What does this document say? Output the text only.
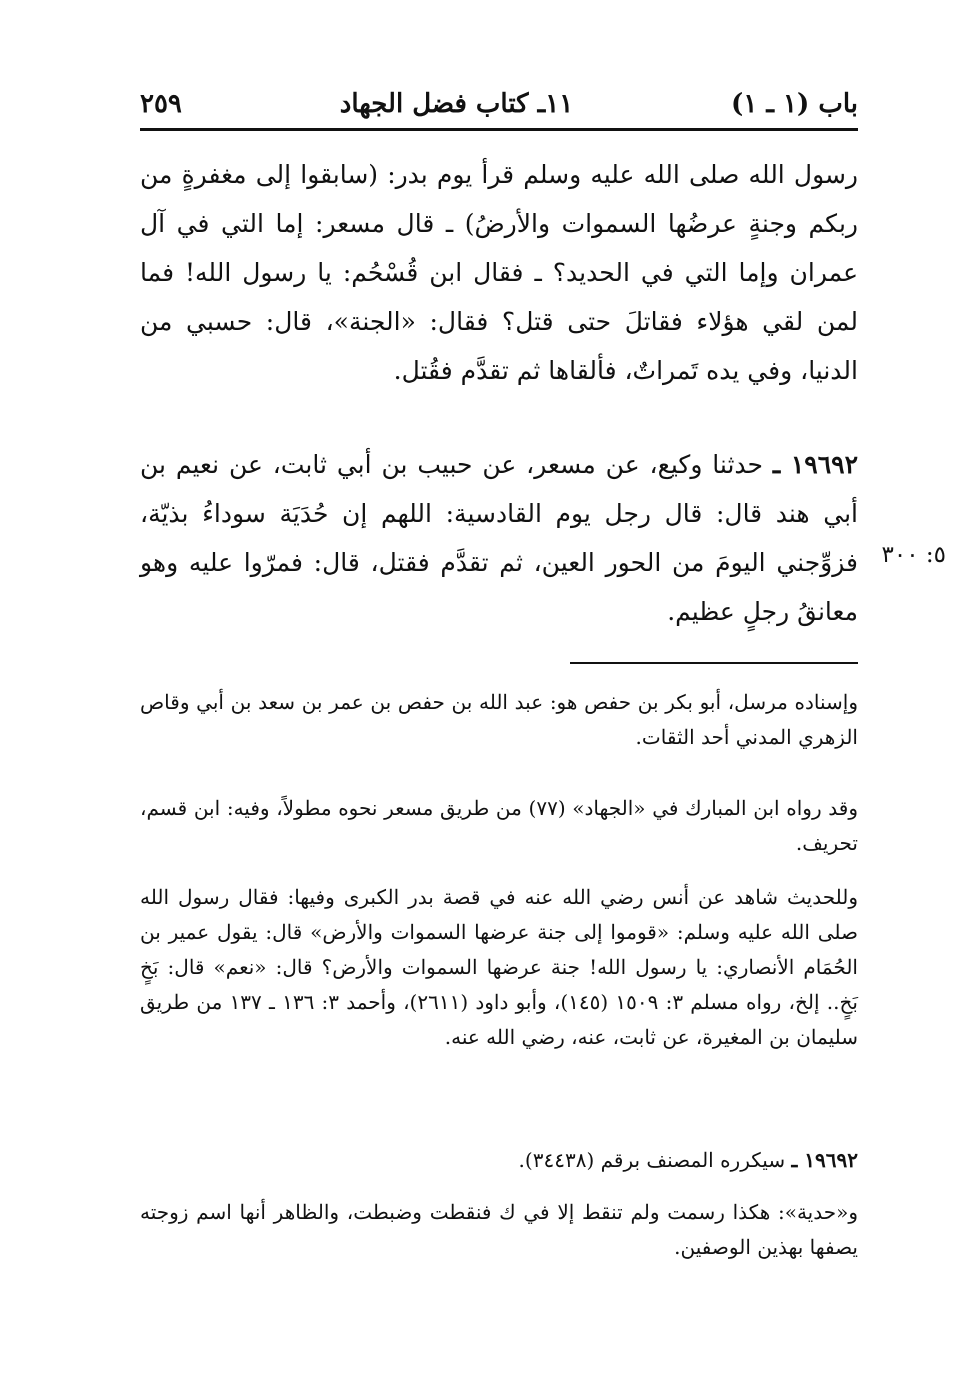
باب (١ ـ ١)
١١ـ كتاب فضل الجهاد
٢٥٩

رسول الله صلى الله عليه وسلم قرأ يوم بدر: (سابقوا إلى مغفرةٍ من ربكم وجنةٍ عرضُها السموات والأرضُ) ـ قال مسعر: إما التي في آل عمران وإما التي في الحديد؟ ـ فقال ابن قُسْحُم: يا رسول الله! فما لمن لقي هؤلاء فقاتلَ حتى قتل؟ فقال: «الجنة»، قال: حسبي من الدنيا، وفي يده تَمراتٌ، فألقاها ثم تقدَّم فقُتل.

١٩٦٩٢ ـ حدثنا وكيع، عن مسعر، عن حبيب بن أبي ثابت، عن نعيم بن أبي هند قال: قال رجل يوم القادسية: اللهم إن حُدَيَة سوداءُ بذيّة، فزوِّجني اليومَ من الحور العين، ثم تقدَّم فقتل، قال: فمرّوا عليه وهو معانقُ رجلٍ عظيم.

٥: ٣٠٠

وإسناده مرسل، أبو بكر بن حفص هو: عبد الله بن حفص بن عمر بن سعد بن أبي وقاص الزهري المدني أحد الثقات.

وقد رواه ابن المبارك في «الجهاد» (٧٧) من طريق مسعر نحوه مطولاً، وفيه: ابن قسم، تحريف.

وللحديث شاهد عن أنس رضي الله عنه في قصة بدر الكبرى وفيها: فقال رسول الله صلى الله عليه وسلم: «قوموا إلى جنة عرضها السموات والأرض» قال: يقول عمير بن الحُمَام الأنصاري: يا رسول الله! جنة عرضها السموات والأرض؟ قال: «نعم» قال: بَخٍ بَخٍ.. إلخ، رواه مسلم ٣: ١٥٠٩ (١٤٥)، وأبو داود (٢٦١١)، وأحمد ٣: ١٣٦ ـ ١٣٧ من طريق سليمان بن المغيرة، عن ثابت، عنه، رضي الله عنه.

١٩٦٩٢ ـ سيكرره المصنف برقم (٣٤٤٣٨).

و«حدية»: هكذا رسمت ولم تنقط إلا في ك فنقطت وضبطت، والظاهر أنها اسم زوجته يصفها بهذين الوصفين.
